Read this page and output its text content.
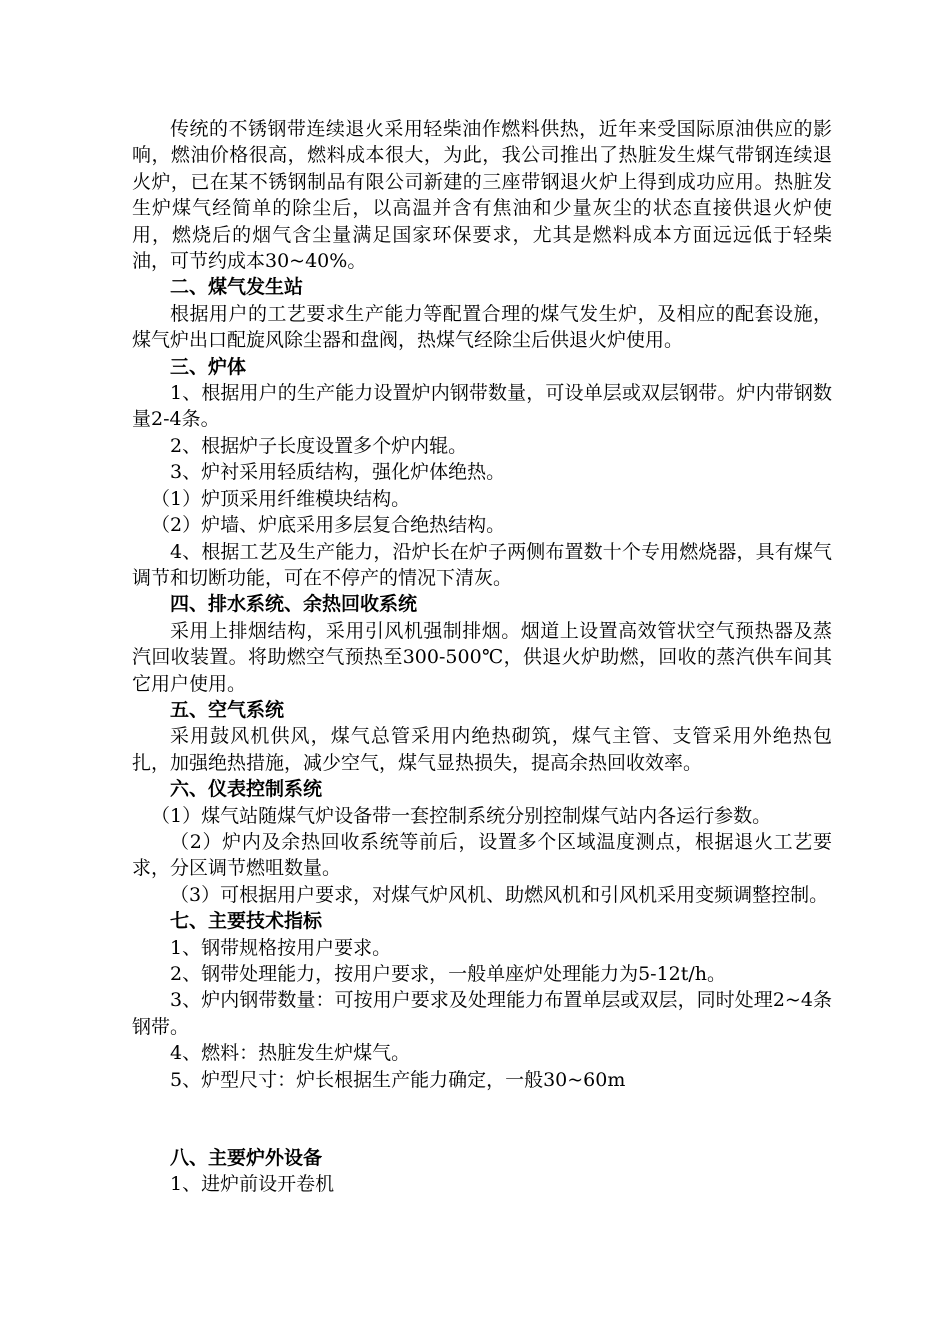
传统的不锈钢带连续退火采用轻柴油作燃料供热，近年来受国际原油供应的影响，燃油价格很高，燃料成本很大，为此，我公司推出了热脏发生煤气带钢连续退火炉，已在某不锈钢制品有限公司新建的三座带钢退火炉上得到成功应用。热脏发生炉煤气经简单的除尘后，以高温并含有焦油和少量灰尘的状态直接供退火炉使用，燃烧后的烟气含尘量满足国家环保要求，尤其是燃料成本方面远远低于轻柴油，可节约成本30~40%。

二、煤气发生站

根据用户的工艺要求生产能力等配置合理的煤气发生炉，及相应的配套设施，煤气炉出口配旋风除尘器和盘阀，热煤气经除尘后供退火炉使用。

三、炉体

1、根据用户的生产能力设置炉内钢带数量，可设单层或双层钢带。炉内带钢数量2-4条。

2、根据炉子长度设置多个炉内辊。

3、炉衬采用轻质结构，强化炉体绝热。

（1）炉顶采用纤维模块结构。

（2）炉墙、炉底采用多层复合绝热结构。

4、根据工艺及生产能力，沿炉长在炉子两侧布置数十个专用燃烧器，具有煤气调节和切断功能，可在不停产的情况下清灰。

四、排水系统、余热回收系统

采用上排烟结构，采用引风机强制排烟。烟道上设置高效管状空气预热器及蒸汽回收装置。将助燃空气预热至300-500℃，供退火炉助燃，回收的蒸汽供车间其它用户使用。

五、空气系统

采用鼓风机供风，煤气总管采用内绝热砌筑，煤气主管、支管采用外绝热包扎，加强绝热措施，减少空气，煤气显热损失，提高余热回收效率。

六、仪表控制系统

（1）煤气站随煤气炉设备带一套控制系统分别控制煤气站内各运行参数。

（2）炉内及余热回收系统等前后，设置多个区域温度测点，根据退火工艺要求，分区调节燃咀数量。

（3）可根据用户要求，对煤气炉风机、助燃风机和引风机采用变频调整控制。

七、主要技术指标

1、钢带规格按用户要求。

2、钢带处理能力，按用户要求，一般单座炉处理能力为5-12t/h。

3、炉内钢带数量：可按用户要求及处理能力布置单层或双层，同时处理2~4条钢带。

4、燃料：热脏发生炉煤气。

5、炉型尺寸：炉长根据生产能力确定，一般30~60m

八、主要炉外设备

1、进炉前设开卷机
